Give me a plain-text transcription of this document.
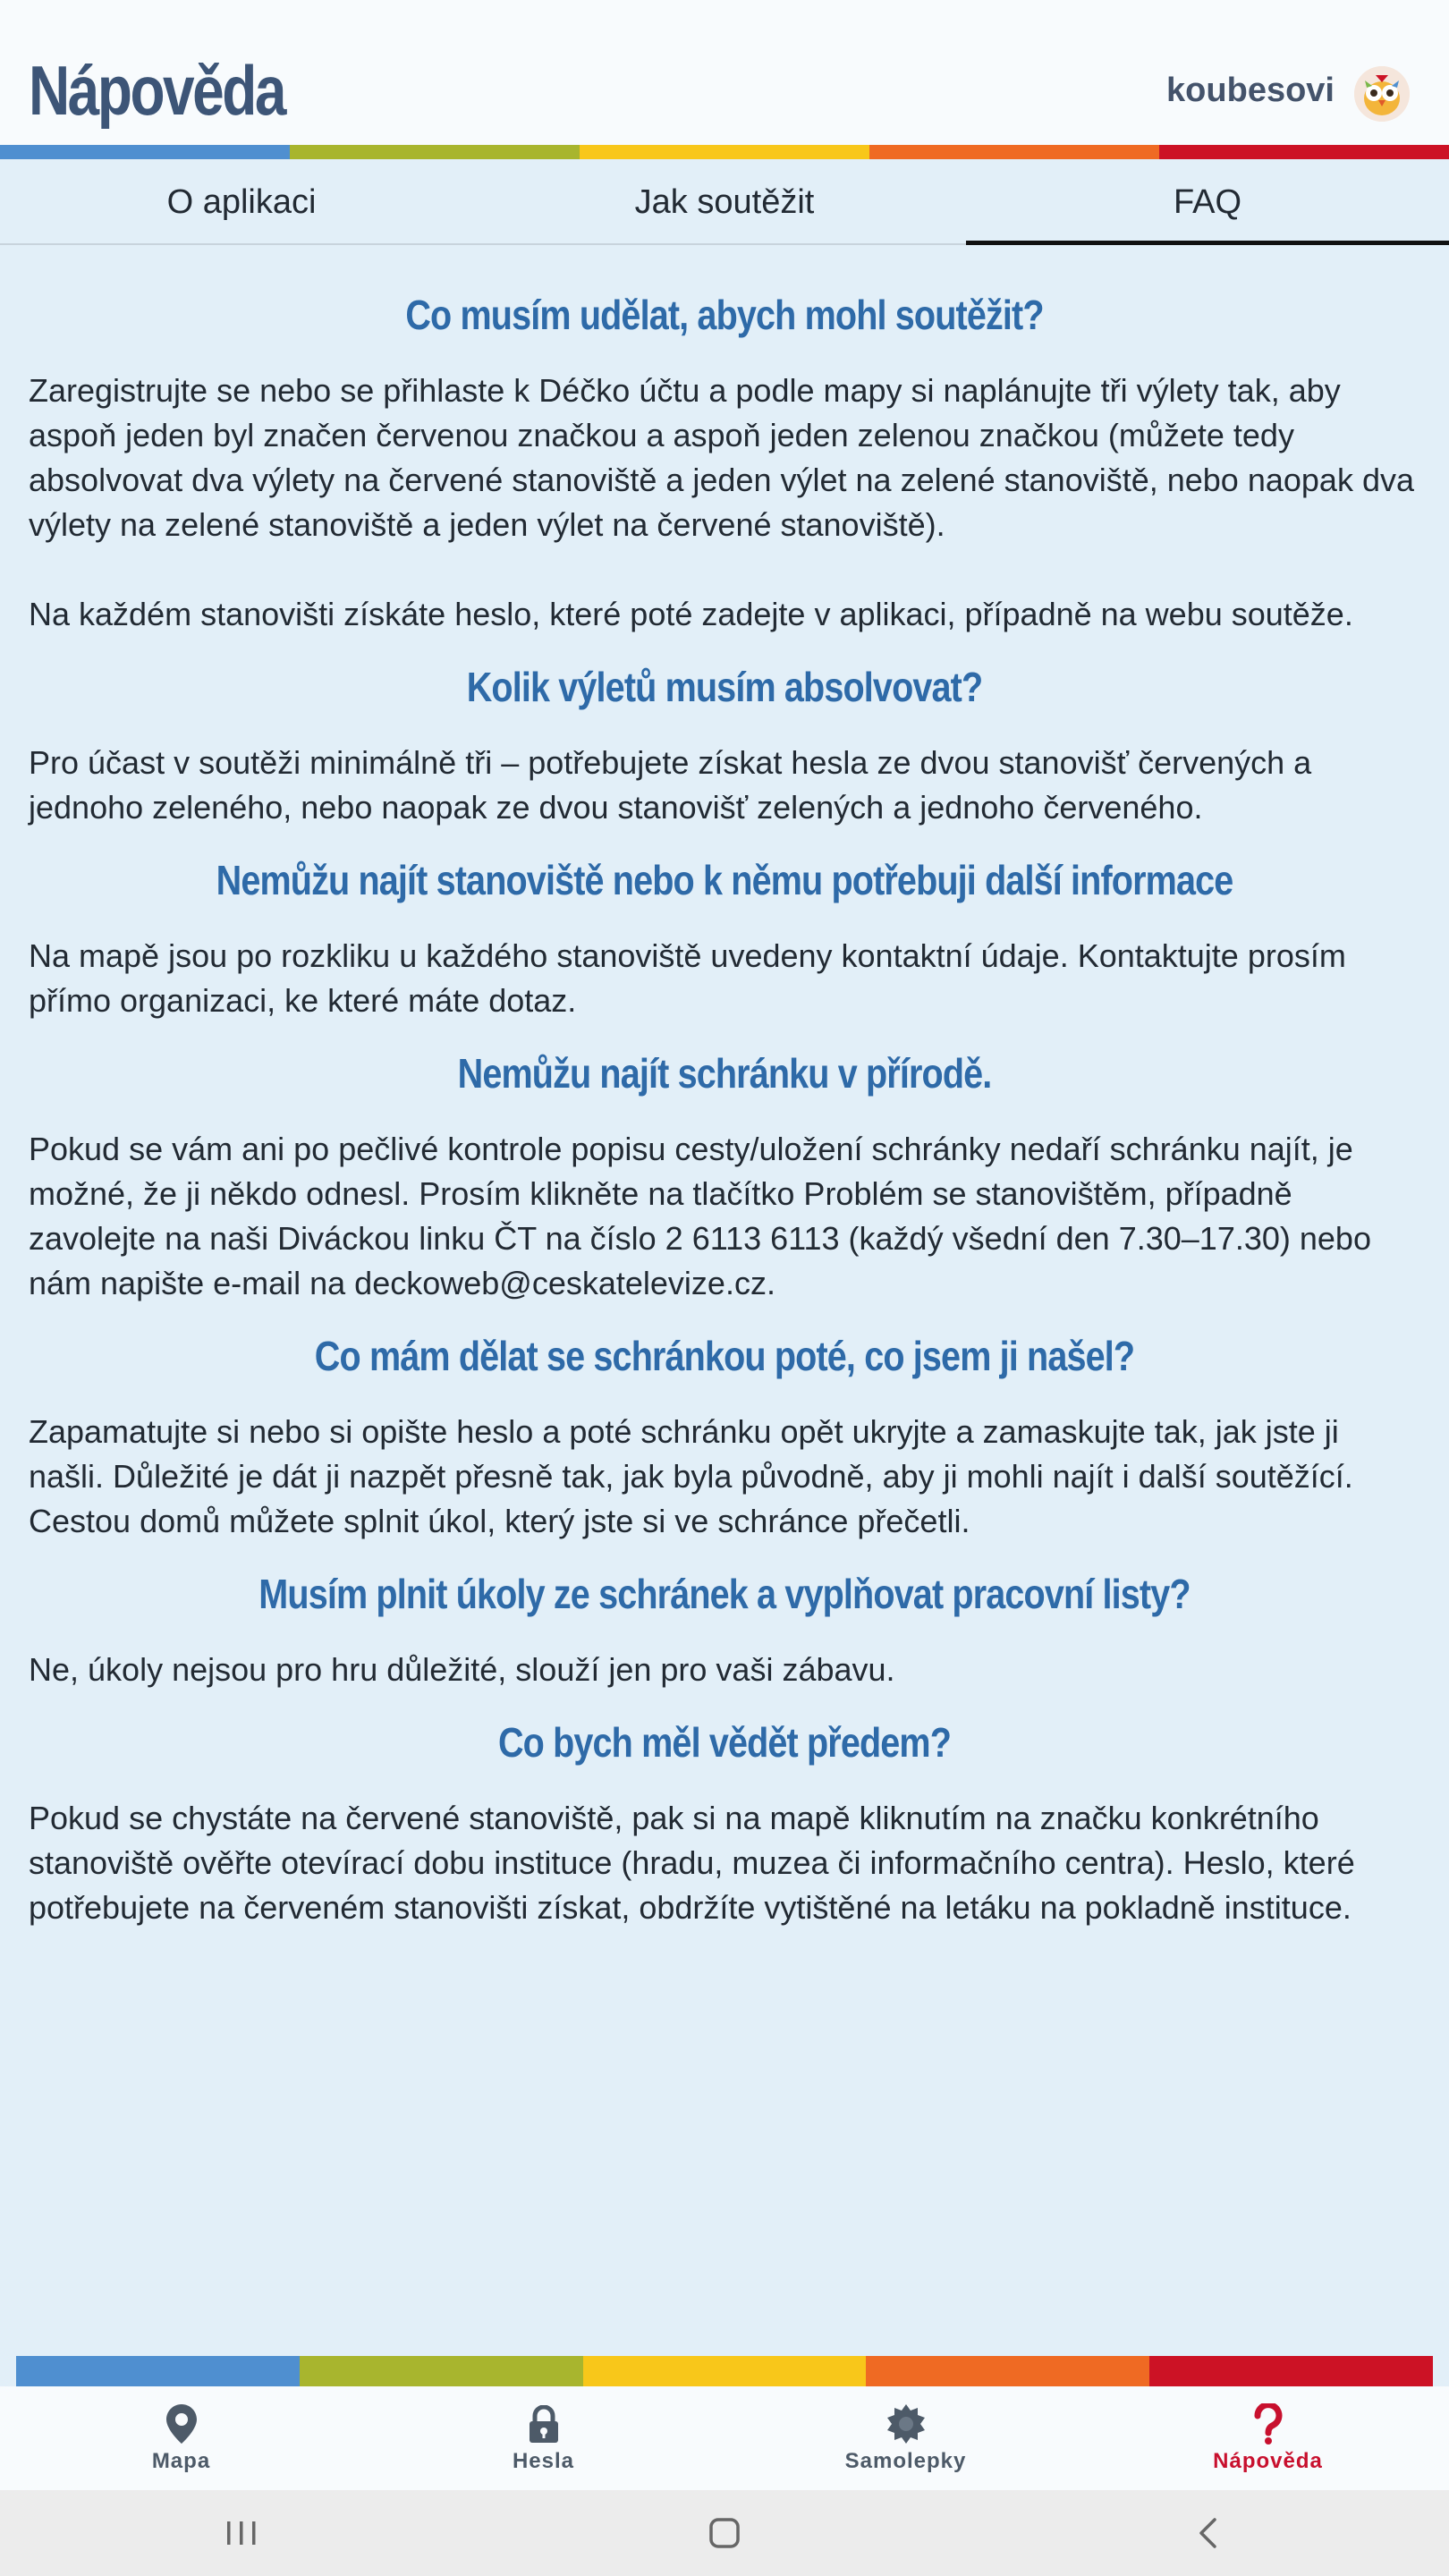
Nápověda	koubesovi
O aplikaci	Jak soutěžit	FAQ
Co musím udělat, abych mohl soutěžit?

Zaregistrujte se nebo se přihlaste k Déčko účtu a podle mapy si naplánujte tři výlety tak, aby aspoň jeden byl značen červenou značkou a aspoň jeden zelenou značkou (můžete tedy absolvovat dva výlety na červené stanoviště a jeden výlet na zelené stanoviště, nebo naopak dva výlety na zelené stanoviště a jeden výlet na červené stanoviště).

Na každém stanovišti získáte heslo, které poté zadejte v aplikaci, případně na webu soutěže.

Kolik výletů musím absolvovat?

Pro účast v soutěži minimálně tři – potřebujete získat hesla ze dvou stanovišť červených a jednoho zeleného, nebo naopak ze dvou stanovišť zelených a jednoho červeného.

Nemůžu najít stanoviště nebo k němu potřebuji další informace

Na mapě jsou po rozkliku u každého stanoviště uvedeny kontaktní údaje. Kontaktujte prosím přímo organizaci, ke které máte dotaz.

Nemůžu najít schránku v přírodě.

Pokud se vám ani po pečlivé kontrole popisu cesty/uložení schránky nedaří schránku najít, je možné, že ji někdo odnesl. Prosím klikněte na tlačítko Problém se stanovištěm, případně zavolejte na naši Diváckou linku ČT na číslo 2 6113 6113 (každý všední den 7.30–17.30) nebo nám napište e-mail na deckoweb@ceskatelevize.cz.

Co mám dělat se schránkou poté, co jsem ji našel?

Zapamatujte si nebo si opište heslo a poté schránku opět ukryjte a zamaskujte tak, jak jste ji našli. Důležité je dát ji nazpět přesně tak, jak byla původně, aby ji mohli najít i další soutěžící. Cestou domů můžete splnit úkol, který jste si ve schránce přečetli.

Musím plnit úkoly ze schránek a vyplňovat pracovní listy?

Ne, úkoly nejsou pro hru důležité, slouží jen pro vaši zábavu.

Co bych měl vědět předem?

Pokud se chystáte na červené stanoviště, pak si na mapě kliknutím na značku konkrétního stanoviště ověřte otevírací dobu instituce (hradu, muzea či informačního centra). Heslo, které potřebujete na červeném stanovišti získat, obdržíte vytištěné na letáku na pokladně instituce.

Mapa	Hesla	Samolepky	Nápověda
